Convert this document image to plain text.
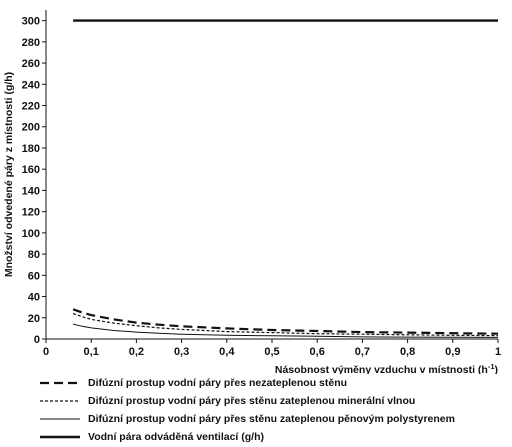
0
20
40
60
80
100
120
140
160
180
200
220
240
260
280
300
0	0,1	0,2	0,3	0,4	0,5	0,6	0,7	0,8	0,9	1
Množství odvedené páry z místnosti (g/h)
Násobnost výměny vzduchu v místnosti $(h^{-1})$
Difúzní prostup vodní páry přes nezateplenou stěnu
Difúzní prostup vodní páry přes stěnu zateplenou minerální vlnou
Difúzní prostup vodní páry přes stěnu zateplenou pěnovým polystyrenem
Vodní pára odváděná ventilací (g/h)
